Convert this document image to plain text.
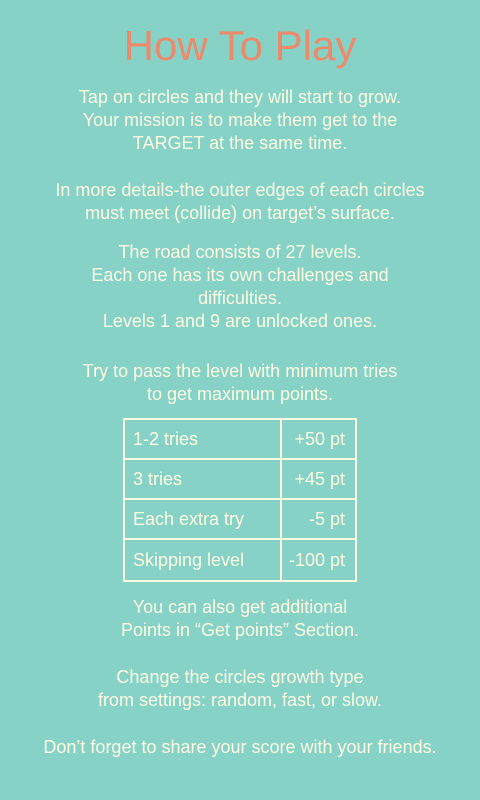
How To Play

Tap on circles and they will start to grow.
Your mission is to make them get to the
TARGET at the same time.

In more details-the outer edges of each circles
must meet (collide) on target’s surface.

The road consists of 27 levels.
Each one has its own challenges and
difficulties.
Levels 1 and 9 are unlocked ones.

Try to pass the level with minimum tries
to get maximum points.

1-2 tries	+50 pt
3 tries	+45 pt
Each extra try	-5 pt
Skipping level	-100 pt

You can also get additional
Points in “Get points” Section.

Change the circles growth type
from settings: random, fast, or slow.

Don’t forget to share your score with your friends.
